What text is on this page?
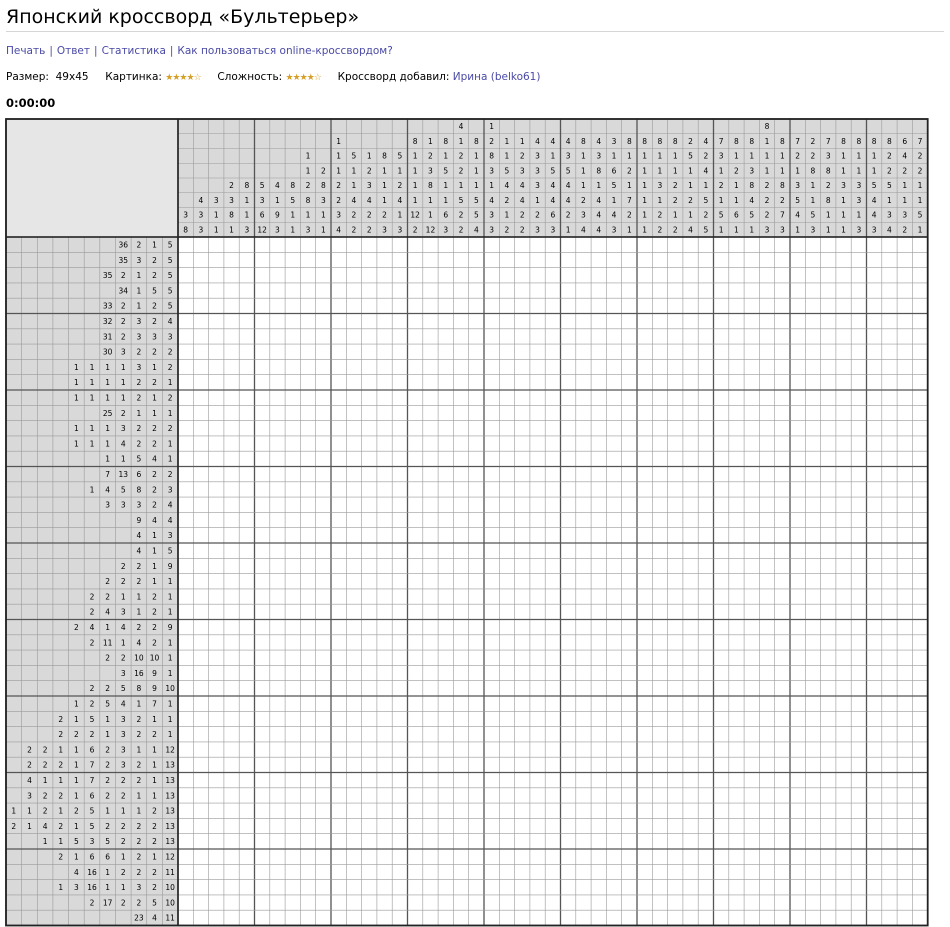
Японский кроссворд «Бультерьер»
Печать | Ответ | Статистика | Как пользоваться online-кроссвордом?
Размер: 49x45 Картинка: ★★★★☆ Сложность: ★★★★☆ Кроссворд добавил: Ирина (belko61)
0:00:00
3
8
4
3
3
3
1
1
2
3
8
1
8
1
1
3
5
3
6
12
4
1
9
3
8
5
1
1
1
1
2
8
1
3
2
8
3
1
1
1
1
1
2
2
3
4
5
1
1
4
2
2
1
2
3
4
2
2
8
1
1
1
2
3
5
1
2
4
1
3
8
1
1
1
1
12
2
1
2
3
8
1
1
12
8
1
5
1
1
6
3
4
1
2
2
1
5
2
2
8
1
1
1
5
5
4
1
2
8
3
1
4
3
3
1
1
5
4
2
1
2
1
2
3
4
4
2
2
4
3
3
3
1
2
3
4
1
5
4
4
6
3
4
3
5
4
4
2
1
8
1
1
1
2
3
4
4
3
8
1
4
4
4
3
1
6
5
1
4
3
8
1
2
1
7
2
1
8
1
1
1
1
1
1
8
1
1
3
1
2
2
8
1
1
2
2
1
2
2
5
1
1
2
1
4
4
2
4
1
5
2
5
7
3
1
2
1
5
1
8
1
2
1
1
6
1
8
1
3
8
4
5
1
8
1
1
1
2
2
2
3
8
1
1
8
2
7
3
7
2
1
3
5
4
1
2
2
8
1
1
5
3
7
3
8
2
8
1
1
8
1
1
3
1
1
1
8
1
1
3
3
1
3
8
1
1
5
4
4
3
8
2
2
5
1
3
4
6
4
2
1
1
3
2
7
2
2
1
1
5
1
36 2 1 5
35 3 2 5
35 2 1 2 5
34 1 5 5
33 2 1 2 5
32 2 3 2 4
31 2 3 3 3
30 3 2 2 2
1 1 1 1 3 1 2
1 1 1 1 2 2 1
1 1 1 1 2 1 2
25 2 1 1 1
1 1 1 3 2 2 2
1 1 1 4 2 2 1
1 1 5 4 1
7 13 6 2 2
1 4 5 8 2 3
3 3 3 2 4
9 4 4
4 1 3
4 1 5
2 2 1 9
2 2 2 1 1
2 2 1 1 2 1
2 4 3 1 2 1
2 4 1 4 2 2 9
2 11 1 4 2 1
2 2 10 10 1
3 16 9 1
2 2 5 8 9 10
1 2 5 4 1 7 1
2 1 5 1 3 2 1 1
2 2 2 1 3 2 2 1
2 2 1 1 6 2 3 1 1 12
2 2 2 1 7 2 3 2 1 13
4 1 1 1 7 2 2 2 1 13
3 2 2 1 6 2 2 1 1 13
1 1 2 1 2 5 1 1 1 2 13
2 1 4 2 1 5 2 2 2 2 13
1 1 5 3 5 2 2 2 13
2 1 6 6 1 2 1 12
4 16 1 2 2 2 11
1 3 16 1 1 3 2 10
2 17 2 2 5 10
23 4 11
